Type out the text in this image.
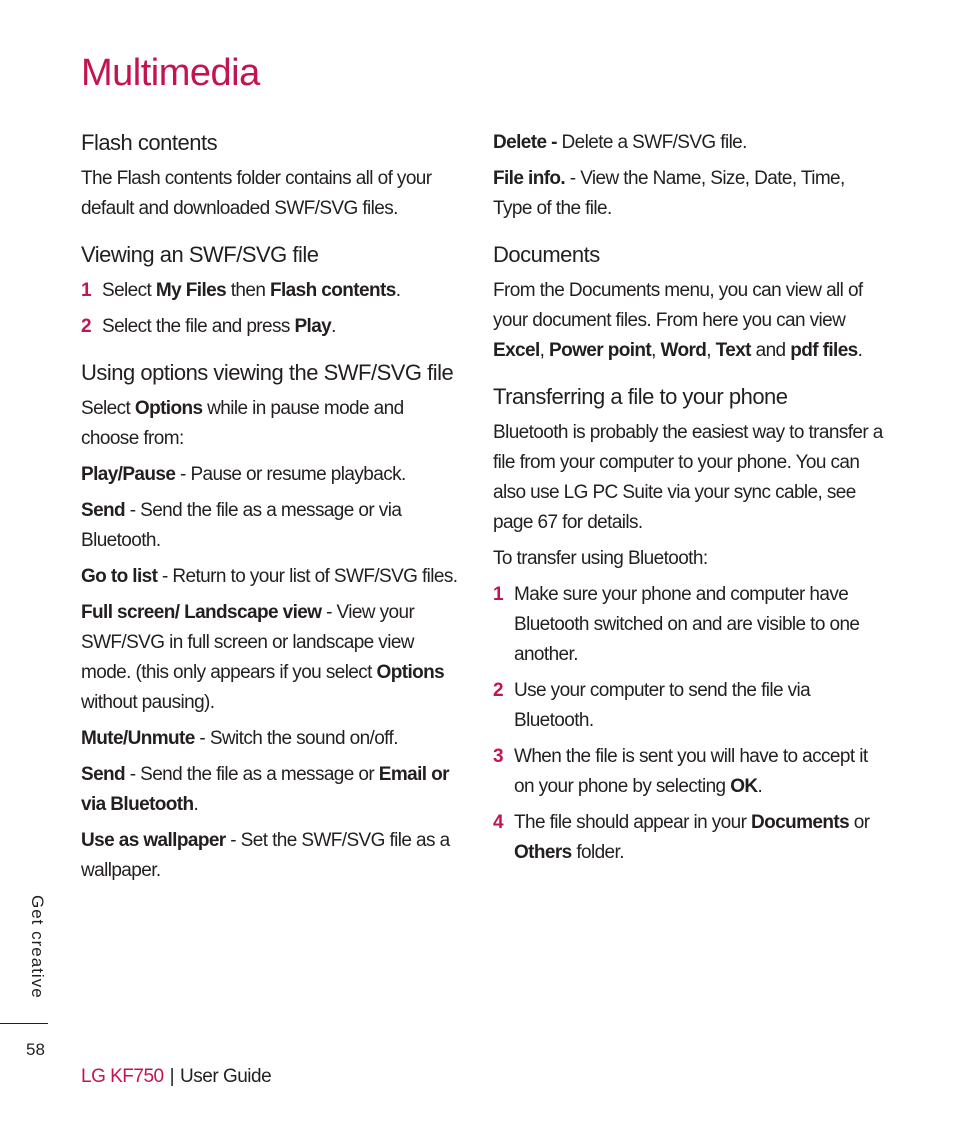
Multimedia
Flash contents

The Flash contents folder contains all of your default and downloaded SWF/SVG files.

Viewing an SWF/SVG file
1 Select My Files then Flash contents.
2 Select the file and press Play.
Using options viewing the SWF/SVG file

Select Options while in pause mode and choose from:

Play/Pause - Pause or resume playback.

Send - Send the file as a message or via Bluetooth.

Go to list - Return to your list of SWF/SVG files.

Full screen/ Landscape view - View your SWF/SVG in full screen or landscape view mode. (this only appears if you select Options without pausing).

Mute/Unmute - Switch the sound on/off.

Send - Send the file as a message or Email or via Bluetooth.

Use as wallpaper - Set the SWF/SVG file as a wallpaper.

Delete - Delete a SWF/SVG file.

File info. - View the Name, Size, Date, Time, Type of the file.

Documents

From the Documents menu, you can view all of your document files. From here you can view Excel, Power point, Word, Text and pdf files.

Transferring a file to your phone

Bluetooth is probably the easiest way to transfer a file from your computer to your phone. You can also use LG PC Suite via your sync cable, see page 67 for details.

To transfer using Bluetooth:

1 Make sure your phone and computer have Bluetooth switched on and are visible to one another.
2 Use your computer to send the file via Bluetooth.
3 When the file is sent you will have to accept it on your phone by selecting OK.
4 The file should appear in your Documents or Others folder.
Get creative
58
LG KF750 | User Guide
